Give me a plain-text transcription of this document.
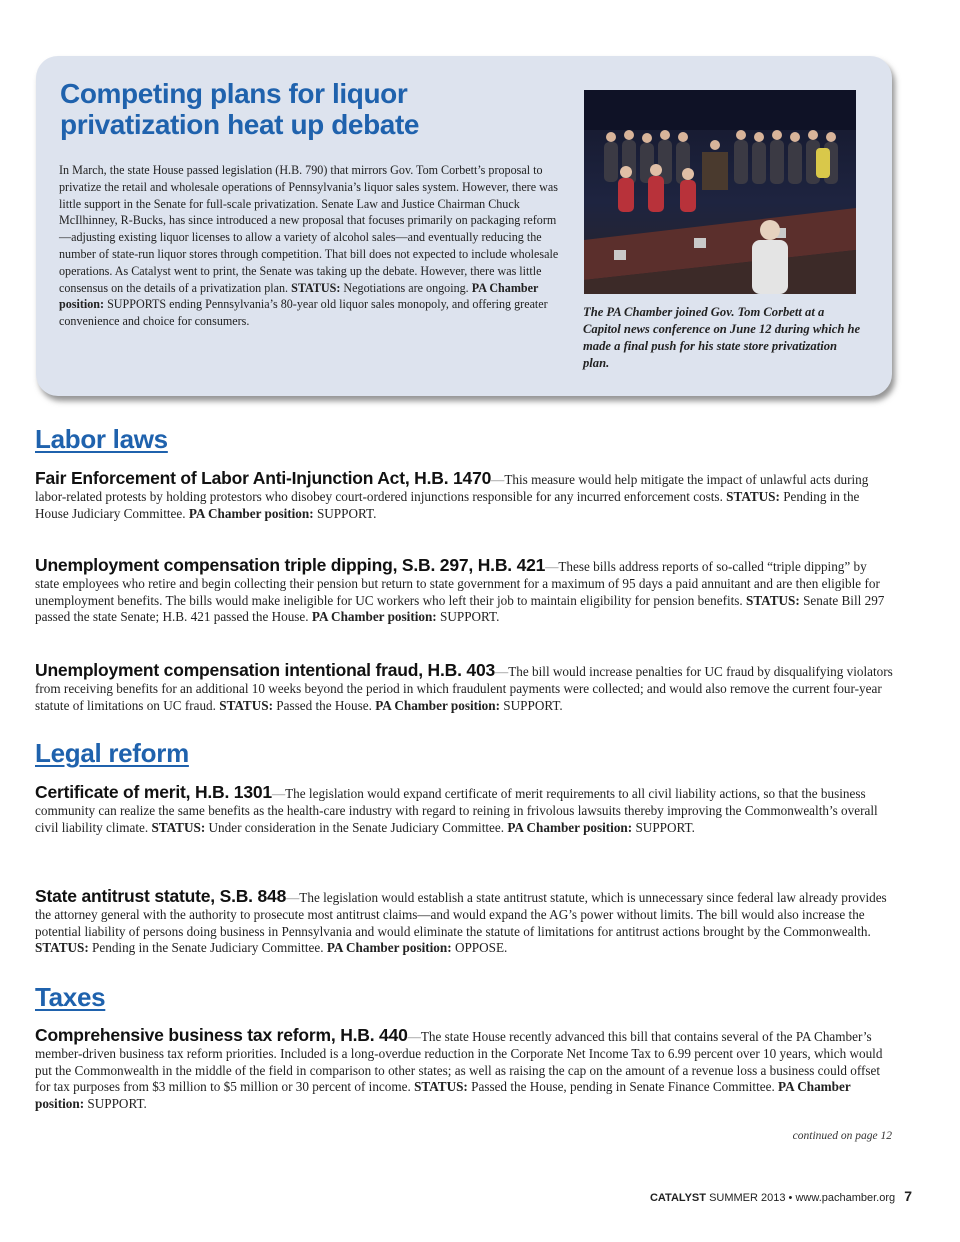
Competing plans for liquor privatization heat up debate

In March, the state House passed legislation (H.B. 790) that mirrors Gov. Tom Corbett’s proposal to privatize the retail and wholesale operations of Pennsylvania’s liquor sales system. However, there was little support in the Senate for full-scale privatization. Senate Law and Justice Chairman Chuck McIlhinney, R-Bucks, has since introduced a new proposal that focuses primarily on packaging reform—adjusting existing liquor licenses to allow a variety of alcohol sales—and eventually reducing the number of state-run liquor stores through competition. That bill does not expected to include wholesale operations. As Catalyst went to print, the Senate was taking up the debate. However, there was little consensus on the details of a privatization plan. STATUS: Negotiations are ongoing. PA Chamber position: SUPPORTS ending Pennsylvania’s 80-year old liquor sales monopoly, and offering greater convenience and choice for consumers.

The PA Chamber joined Gov. Tom Corbett at a Capitol news conference on June 12 during which he made a final push for his state store privatization plan.

Labor laws

Fair Enforcement of Labor Anti-Injunction Act, H.B. 1470—This measure would help mitigate the impact of unlawful acts during labor-related protests by holding protestors who disobey court-ordered injunctions responsible for any incurred enforcement costs. STATUS: Pending in the House Judiciary Committee. PA Chamber position: SUPPORT.

Unemployment compensation triple dipping, S.B. 297, H.B. 421—These bills address reports of so-called “triple dipping” by state employees who retire and begin collecting their pension but return to state government for a maximum of 95 days a paid annuitant and are then eligible for unemployment benefits. The bills would make ineligible for UC workers who left their job to maintain eligibility for pension benefits. STATUS: Senate Bill 297 passed the state Senate; H.B. 421 passed the House. PA Chamber position: SUPPORT.

Unemployment compensation intentional fraud, H.B. 403—The bill would increase penalties for UC fraud by disqualifying violators from receiving benefits for an additional 10 weeks beyond the period in which fraudulent payments were collected; and would also remove the current four-year statute of limitations on UC fraud. STATUS: Passed the House. PA Chamber position: SUPPORT.

Legal reform

Certificate of merit, H.B. 1301—The legislation would expand certificate of merit requirements to all civil liability actions, so that the business community can realize the same benefits as the health-care industry with regard to reining in frivolous lawsuits thereby improving the Commonwealth’s overall civil liability climate. STATUS: Under consideration in the Senate Judiciary Committee. PA Chamber position: SUPPORT.

State antitrust statute, S.B. 848—The legislation would establish a state antitrust statute, which is unnecessary since federal law already provides the attorney general with the authority to prosecute most antitrust claims—and would expand the AG’s power without limits. The bill would also increase the potential liability of persons doing business in Pennsylvania and would eliminate the statute of limitations for antitrust actions brought by the Commonwealth. STATUS: Pending in the Senate Judiciary Committee. PA Chamber position: OPPOSE.

Taxes

Comprehensive business tax reform, H.B. 440—The state House recently advanced this bill that contains several of the PA Chamber’s member-driven business tax reform priorities. Included is a long-overdue reduction in the Corporate Net Income Tax to 6.99 percent over 10 years, which would put the Commonwealth in the middle of the field in comparison to other states; as well as raising the cap on the amount of a revenue loss a business could offset for tax purposes from $3 million to $5 million or 30 percent of income. STATUS: Passed the House, pending in Senate Finance Committee. PA Chamber position: SUPPORT.

continued on page 12

CATALYST SUMMER 2013 • www.pachamber.org 7
